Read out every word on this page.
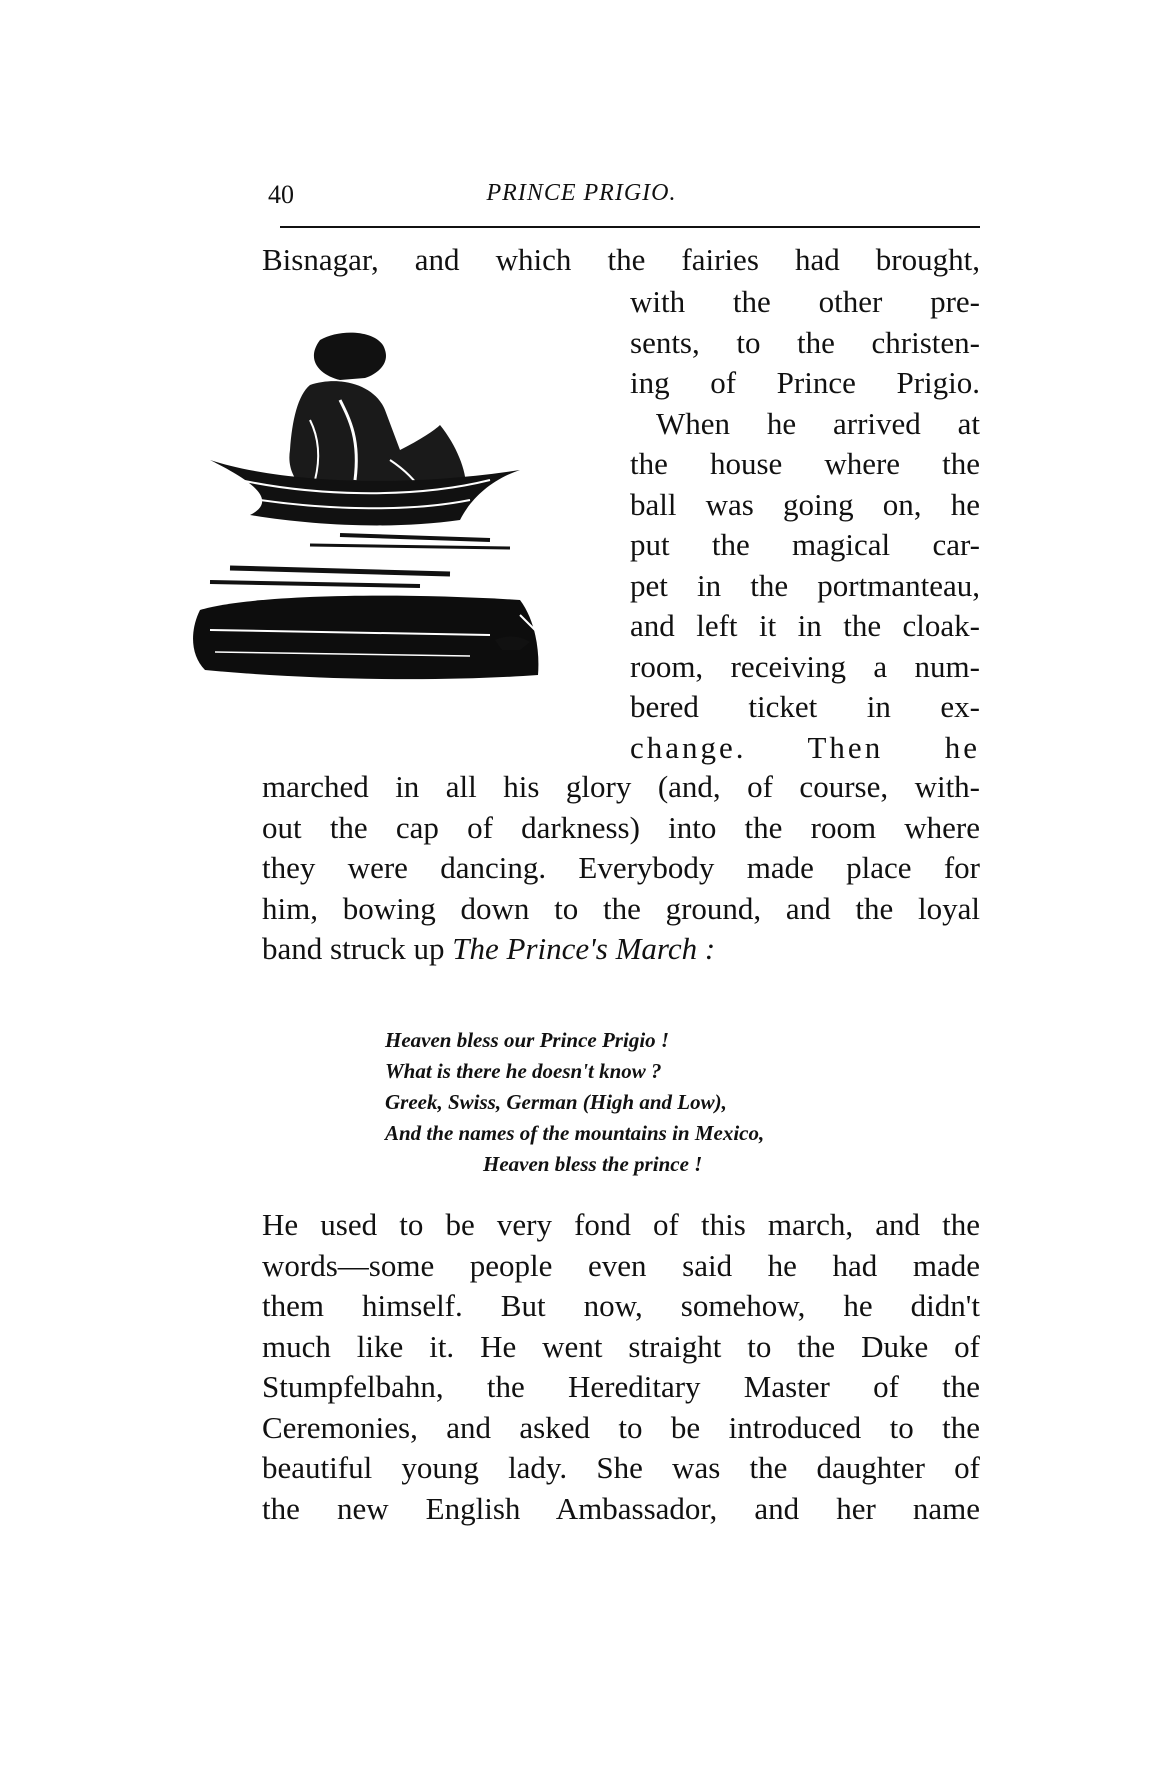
40	PRINCE PRIGIO.
Bisnagar, and which the fairies had brought,
with the other pre-
sents, to the christen-
ing of Prince Prigio.
When he arrived at
the house where the
ball was going on, he
put the magical car-
pet in the portmanteau,
and left it in the cloak-
room, receiving a num-
bered ticket in ex-
change. Then he
marched in all his glory (and, of course, with-
out the cap of darkness) into the room where
they were dancing. Everybody made place for
him, bowing down to the ground, and the loyal
band struck up The Prince's March :
Heaven bless our Prince Prigio !
What is there he doesn't know ?
Greek, Swiss, German (High and Low),
And the names of the mountains in Mexico,
Heaven bless the prince !
He used to be very fond of this march, and the
words—some people even said he had made
them himself. But now, somehow, he didn't
much like it. He went straight to the Duke of
Stumpfelbahn, the Hereditary Master of the
Ceremonies, and asked to be introduced to the
beautiful young lady. She was the daughter of
the new English Ambassador, and her name
